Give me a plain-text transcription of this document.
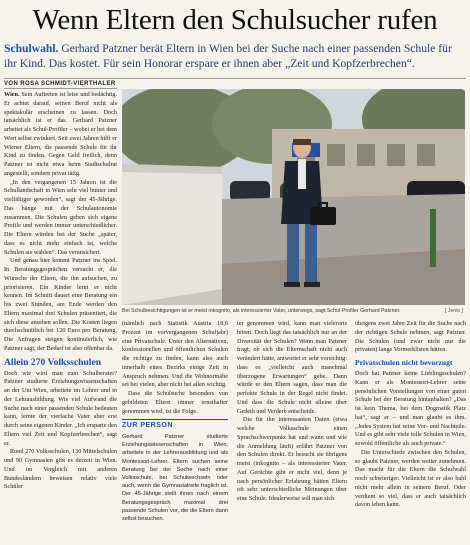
Wenn Eltern den Schulsucher rufen
Schulwahl. Gerhard Patzner berät Eltern in Wien bei der Suche nach einer passenden Schule für ihr Kind. Das kostet. Für sein Honorar erspare er ihnen aber „Zeit und Kopfzerbrechen“.
VON ROSA SCHMIDT-VIERTHALER
Bei Schulbesichtigungen ist er meist inkognito, als interessierter Vater, unterwegs, sagt Schul-Profiler Gerhard Patzner.	[ Jenis ]

Wien. Sein Auftreten ist leise und bedächtig. Er achtet darauf, seinen Beruf nicht als spektakulär erscheinen zu lassen. Doch tatsächlich ist er das. Gerhard Patzner arbeitet als Schul-Profiler – wobei er bei dem Wort selbst zwinkert. Seit zwei Jahren hilft er Wiener Eltern, die passende Schule für ihr Kind zu finden. Gegen Geld freilich, denn Patzner ist nicht etwa beim Stadtschulrat angestellt, sondern privat tätig.

„In den vergangenen 15 Jahren ist die Schullandschaft in Wien sehr viel bunter und vielfältiger geworden“, sagt der 45-Jährige. Das hänge mit der Schulautonomie zusammen. Die Schulen geben sich eigene Profile und werden immer unterschiedlicher. Die Eltern würden bei der Suche „später, dass es nicht mehr einfach ist, welche Schulen sie wählen“. Das verunsichert.

Und genau hier kommt Patzner ins Spiel. In Beratungsgesprächen versucht er, die Wünsche der Eltern, die ihn aufsuchen, zu priorisieren. Ein Kinder lernt er nicht kennen. Im Schnitt dauert eine Beratung ein bis zwei Stunden, am Ende werden den Eltern maximal drei Schulen präsentiert, die sich diese ansehen sollen. Die Kosten liegen durchschnittlich bei 120 Euro pro Beratung. Die Anfragen steigen kontinuierlich, wie Patzner sagt, der Bedarf ist also offenbar da.

Allein 270 Volksschulen

Doch wie wird man zum Schulberater? Patzner studierte Erziehungswissenschaften an der Uni Wien, arbeitete im Lehrer und in der Lehrausbildung. Wie viel Aufwand die Suche nach einer passenden Schule bedeuten kann, lernte der vierfache Vater aber erst durch seine eigenen Kinder. „Ich ersparte den Eltern viel Zeit und Kopfzerbrechen“, sagt er.

Rund 270 Volksschulen, 130 Mittelschulen und 90 Gymnasien gibt es derzeit in Wien. Und im Vergleich mit anderen Bundesländern beweisen relativ viele Schüler

(nämlich nach Statistik Austria 18,6 Prozent im vorvergangenen Schuljahr) eine Privatschule. Unter den Alternativen, konfessionellen und öffentlichen Schulen die richtige zu finden, kann also auch innerhalb eines Bezirks einige Zeit in Anspruch nehmen. Und die Wohnortnähe sei bei vielen, aber nicht bei allen wichtig.

Dass die Schulsuche besonders von gebildeten Eltern immer ernsthafter genommen wird, ist die Folge.

ZUR PERSON

Gerhard Patzner studierte Erziehungswissenschaften in Wien, arbeitete in der Lehrerausbildung und als Montessori-Lehrer. Eltern suchen seine Beratung bei der Suche nach einer Volksschule, bei Schulwechseln oder auch, wenn die Gymnasialreife fraglich ist. Der 45-Jährige stellt ihnen nach einem Beratungsgespräch maximal drei passende Schulen vor, die die Eltern dann selbst besuchen.

ter genommen wird, kann man vielerorts hören. Doch liegt das tatsächlich nur an der Diversität der Schulen? Wenn man Patzner fragt, ob sich die Elternschaft nicht auch verändert hätte, antwortet er sehr vorsichtig: dass es „vielleicht auch manchmal überzogene Erwartungen“ gebe. Dann würde er den Eltern sagen, dass man die perfekte Schule in der Regel nicht findet. Und dass die Schule nicht alleine über Gedeih und Verderb entscheide.

Die für ihn interessanten Daten (etwa welche Volksschule einen Sprachschwerpunkt hat und wann und wie die Anmeldung läuft) erfährt Patzner von den Schulen direkt. Er besucht sie übrigens meist (inkognito – als interessierter Vater. Auf Gerüchte gibt er nicht viel, denn je nach persönlicher Erfahrung hätten Eltern oft sehr unterschiedliche Meinungen über eine Schule. Idealerweise soll man sich

übrigens zwei Jahre Zeit für die Suche nach der richtigen Schule nehmen, sagt Patzner. Die Schulen (und zwar nicht nur die privaten) lange Vormerklisten hätten.

Privatschulen nicht bevorzugt

Doch hat Patzner keine Lieblingsschulen? Kann er als Montessori-Lehrer seine persönlichen Vorstellungen von einer guten Schule bei der Beratung hintanhalten? „Das ist kein Thema, bei dem Dogmatik Platz hat“, sagt er – und man glaubt es ihm. „Jedes System hat seine Vor- und Nachteile. Und es gibt sehr viele tolle Schulen in Wien, sowohl öffentliche als auch private.“

Die Unterschiede zwischen den Schulen, so glaubt Patzner, werden weiter zunehmen. Das macht für die Eltern die Schulwahl noch schwieriger. Vielleicht ist er also bald nicht mehr allein in seinem Beruf. Oder verdient so viel, dass er auch tatsächlich davon leben kann.
